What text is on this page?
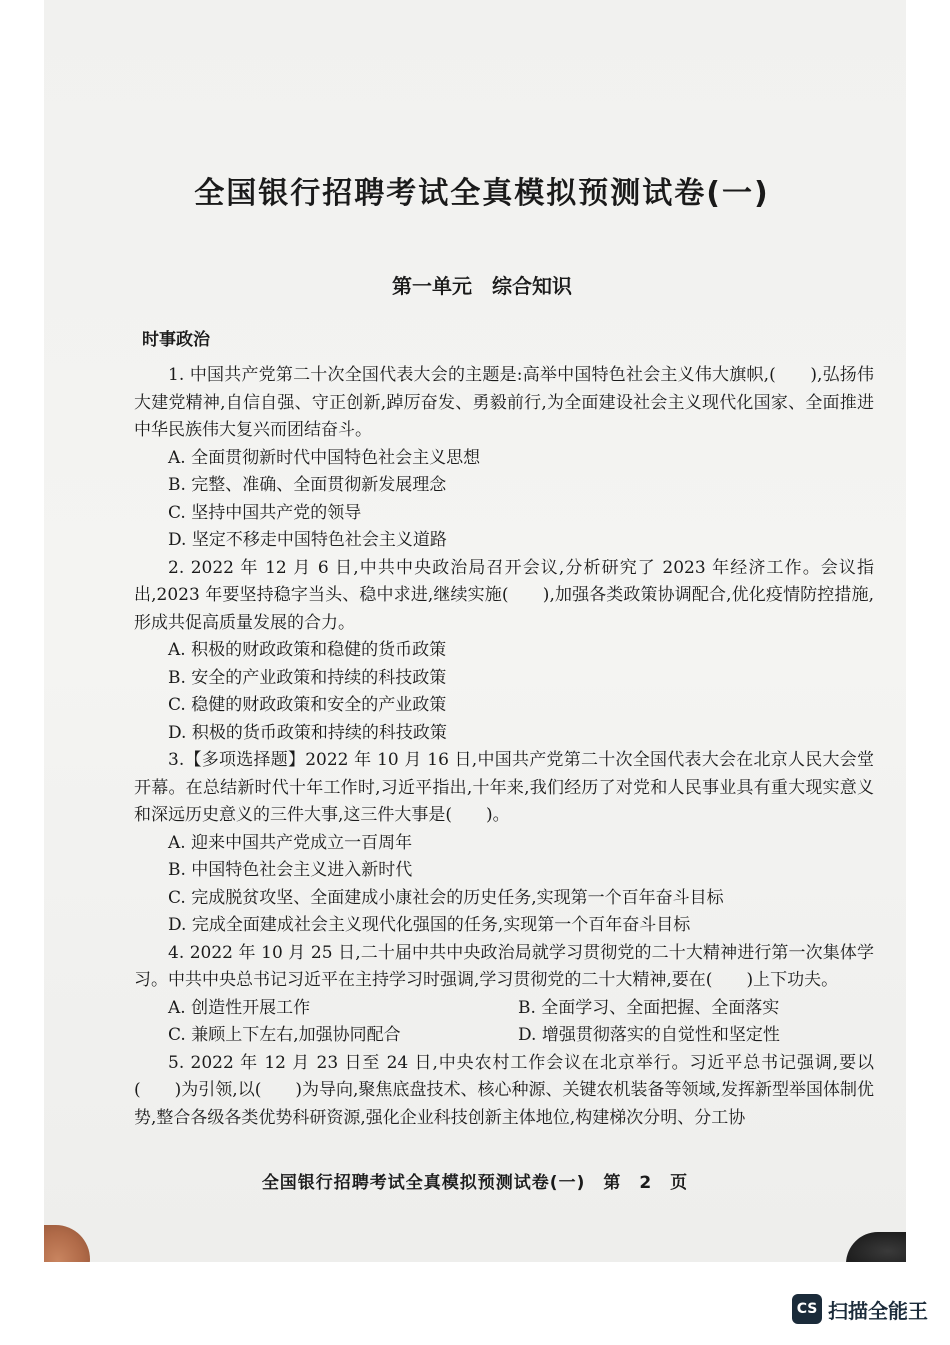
全国银行招聘考试全真模拟预测试卷(一)
第一单元　综合知识
时事政治

1. 中国共产党第二十次全国代表大会的主题是:高举中国特色社会主义伟大旗帜,(　　),弘扬伟大建党精神,自信自强、守正创新,踔厉奋发、勇毅前行,为全面建设社会主义现代化国家、全面推进中华民族伟大复兴而团结奋斗。

A. 全面贯彻新时代中国特色社会主义思想

B. 完整、准确、全面贯彻新发展理念

C. 坚持中国共产党的领导

D. 坚定不移走中国特色社会主义道路

2. 2022 年 12 月 6 日,中共中央政治局召开会议,分析研究了 2023 年经济工作。会议指出,2023 年要坚持稳字当头、稳中求进,继续实施(　　),加强各类政策协调配合,优化疫情防控措施,形成共促高质量发展的合力。

A. 积极的财政政策和稳健的货币政策

B. 安全的产业政策和持续的科技政策

C. 稳健的财政政策和安全的产业政策

D. 积极的货币政策和持续的科技政策

3.【多项选择题】2022 年 10 月 16 日,中国共产党第二十次全国代表大会在北京人民大会堂开幕。在总结新时代十年工作时,习近平指出,十年来,我们经历了对党和人民事业具有重大现实意义和深远历史意义的三件大事,这三件大事是(　　)。

A. 迎来中国共产党成立一百周年

B. 中国特色社会主义进入新时代

C. 完成脱贫攻坚、全面建成小康社会的历史任务,实现第一个百年奋斗目标

D. 完成全面建成社会主义现代化强国的任务,实现第一个百年奋斗目标

4. 2022 年 10 月 25 日,二十届中共中央政治局就学习贯彻党的二十大精神进行第一次集体学习。中共中央总书记习近平在主持学习时强调,学习贯彻党的二十大精神,要在(　　)上下功夫。

A. 创造性开展工作	B. 全面学习、全面把握、全面落实
C. 兼顾上下左右,加强协同配合	D. 增强贯彻落实的自觉性和坚定性

5. 2022 年 12 月 23 日至 24 日,中央农村工作会议在北京举行。习近平总书记强调,要以(　　)为引领,以(　　)为导向,聚焦底盘技术、核心种源、关键农机装备等领域,发挥新型举国体制优势,整合各级各类优势科研资源,强化企业科技创新主体地位,构建梯次分明、分工协

全国银行招聘考试全真模拟预测试卷(一)　第　2　页
CS 扫描全能王
